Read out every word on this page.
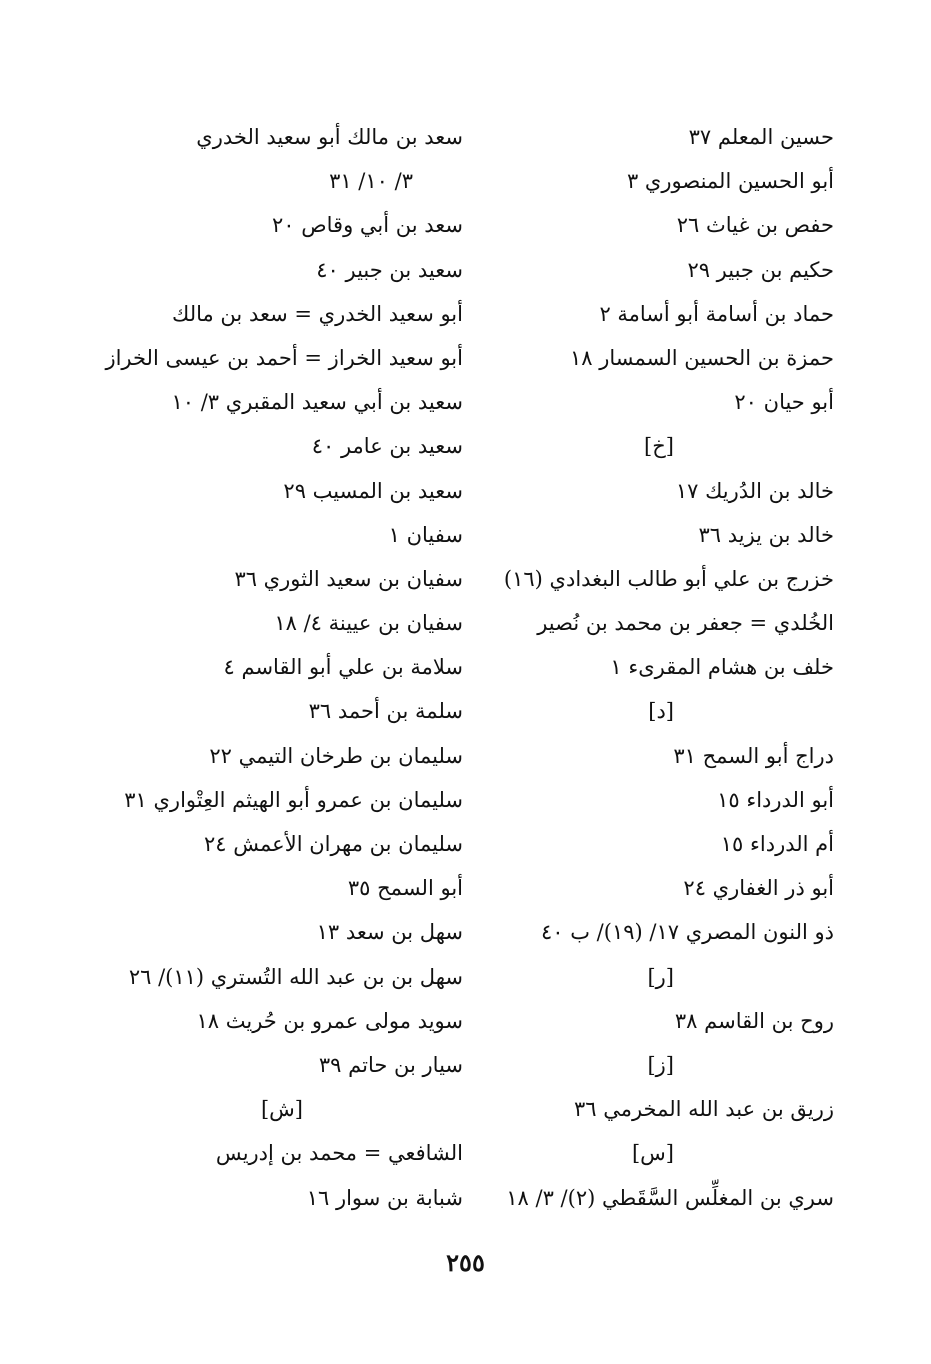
حسين المعلم ٣٧
أبو الحسين المنصوري ٣
حفص بن غياث ٢٦
حكيم بن جبير ٢٩
حماد بن أسامة أبو أسامة ٢
حمزة بن الحسين السمسار ١٨
أبو حيان ٢٠
[خ]
خالد بن الدُريك ١٧
خالد بن يزيد ٣٦
خزرج بن علي أبو طالب البغدادي (١٦)
الخُلدي = جعفر بن محمد بن نُصير
خلف بن هشام المقرىء ١
[د]
دراج أبو السمح ٣١
أبو الدرداء ١٥
أم الدرداء ١٥
أبو ذر الغفاري ٢٤
ذو النون المصري ١٧/ (١٩)/ ب ٤٠
[ر]
روح بن القاسم ٣٨
[ز]
زريق بن عبد الله المخرمي ٣٦
[س]
سري بن المغلِّس السَّقَطي (٢)/ ٣/ ١٨
سعد بن مالك أبو سعيد الخدري
٣/ ١٠/ ٣١
سعد بن أبي وقاص ٢٠
سعيد بن جبير ٤٠
أبو سعيد الخدري = سعد بن مالك
أبو سعيد الخراز = أحمد بن عيسى الخراز
سعيد بن أبي سعيد المقبري ٣/ ١٠
سعيد بن عامر ٤٠
سعيد بن المسيب ٢٩
سفيان ١
سفيان بن سعيد الثوري ٣٦
سفيان بن عيينة ٤/ ١٨
سلامة بن علي أبو القاسم ٤
سلمة بن أحمد ٣٦
سليمان بن طرخان التيمي ٢٢
سليمان بن عمرو أبو الهيثم العِتْواري ٣١
سليمان بن مهران الأعمش ٢٤
أبو السمح ٣٥
سهل بن سعد ١٣
سهل بن بن عبد الله التُستري (١١)/ ٢٦
سويد مولى عمرو بن حُريث ١٨
سيار بن حاتم ٣٩
[ش]
الشافعي = محمد بن إدريس
شبابة بن سوار ١٦
٢٥٥
